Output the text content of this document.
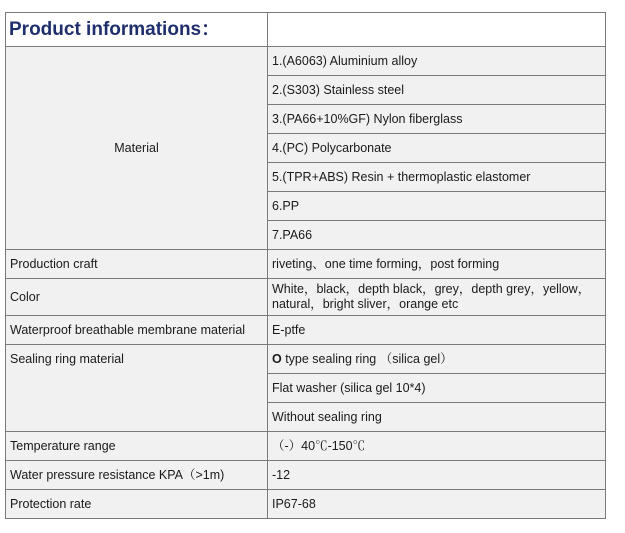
Product informations：	
Material	1.(A6063) Aluminium alloy
	2.(S303) Stainless steel
	3.(PA66+10%GF) Nylon fiberglass
	4.(PC) Polycarbonate
	5.(TPR+ABS) Resin + thermoplastic elastomer
	6.PP
	7.PA66
Production craft	riveting、one time forming，post forming
Color	White，black，depth black，grey，depth grey，yellow，natural，bright sliver，orange etc
Waterproof breathable membrane material	E-ptfe
Sealing ring material	O type sealing ring （silica gel）
	Flat washer (silica gel 10*4)
	Without sealing ring
Temperature range	（-）40℃-150℃
Water pressure resistance KPA（>1m)	-12
Protection rate	IP67-68
